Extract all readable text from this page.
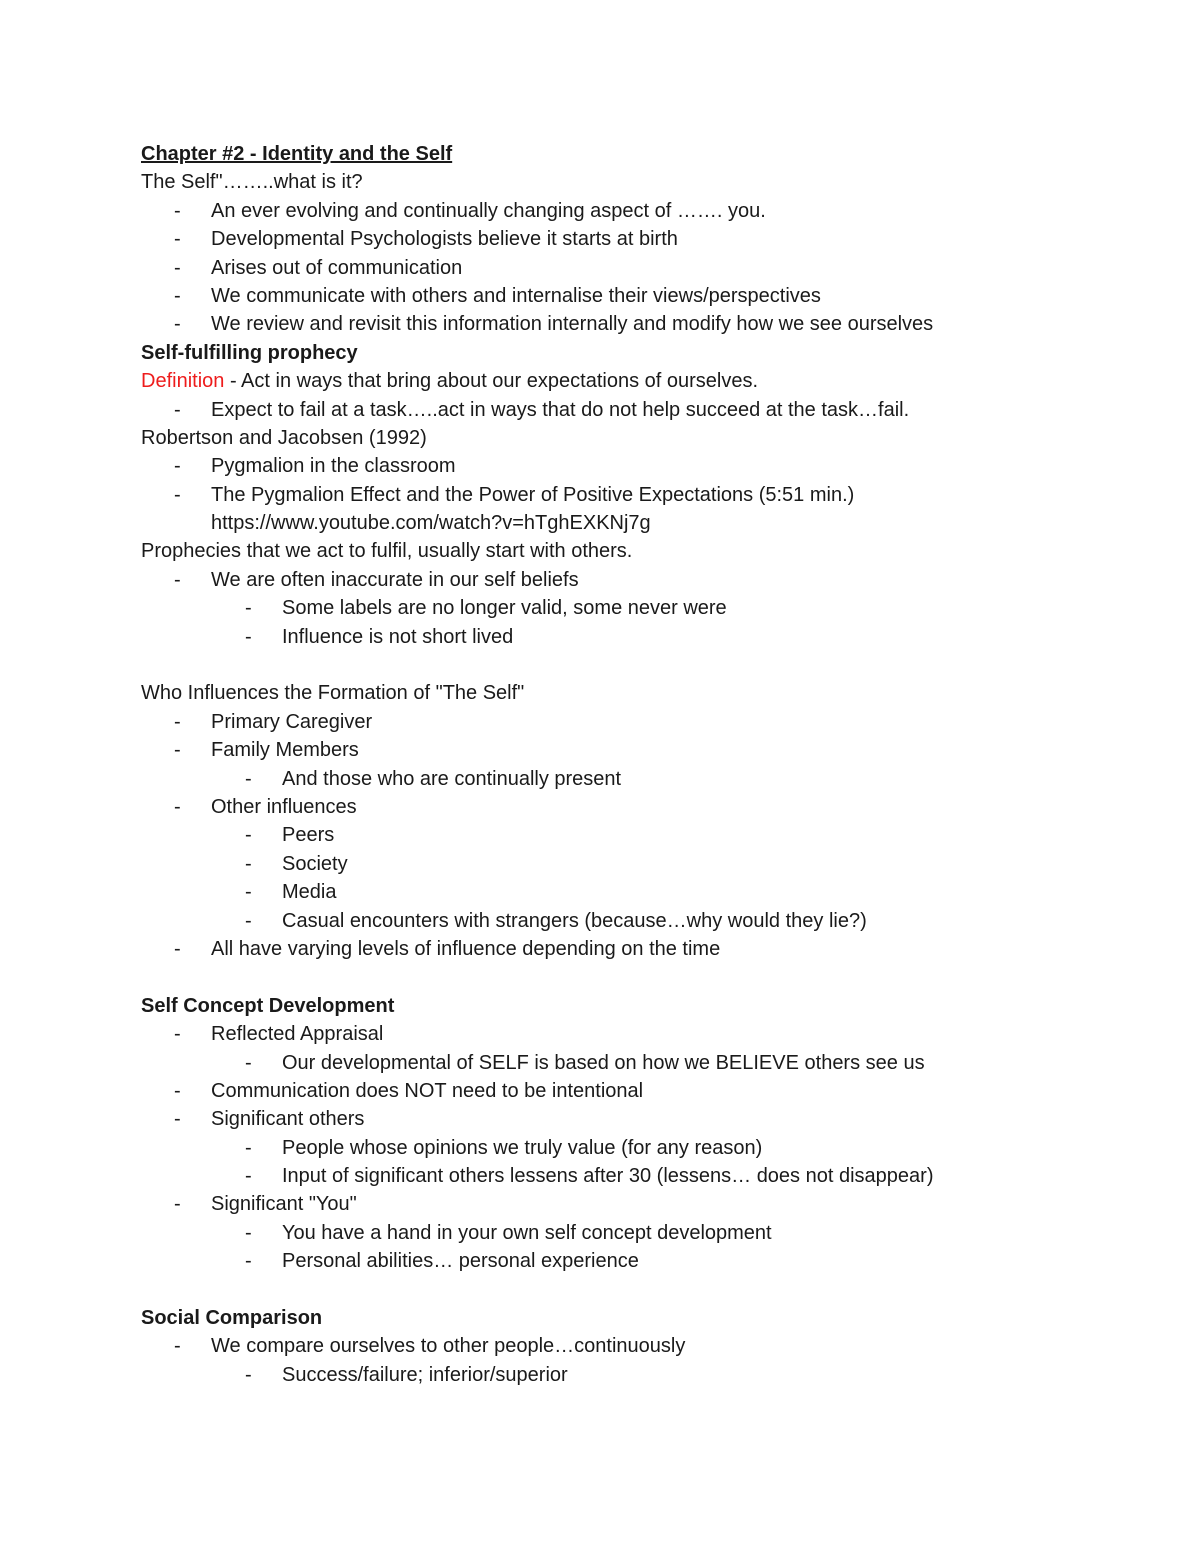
Chapter #2 - Identity and the Self
The Self"……..what is it?
-	An ever evolving and continually changing aspect of ……. you.
-	Developmental Psychologists believe it starts at birth
-	Arises out of communication
-	We communicate with others and internalise their views/perspectives
-	We review and revisit this information internally and modify how we see ourselves
Self-fulfilling prophecy
Definition - Act in ways that bring about our expectations of ourselves.
-	Expect to fail at a task…..act in ways that do not help succeed at the task…fail.
Robertson and Jacobsen (1992)
-	Pygmalion in the classroom
-	The Pygmalion Effect and the Power of Positive Expectations (5:51 min.)
https://www.youtube.com/watch?v=hTghEXKNj7g
Prophecies that we act to fulfil, usually start with others.
-	We are often inaccurate in our self beliefs
-	Some labels are no longer valid, some never were
-	Influence is not short lived
Who Influences the Formation of "The Self"
-	Primary Caregiver
-	Family Members
-	And those who are continually present
-	Other influences
-	Peers
-	Society
-	Media
-	Casual encounters with strangers (because…why would they lie?)
-	All have varying levels of influence depending on the time
Self Concept Development
-	Reflected Appraisal
-	Our developmental of SELF is based on how we BELIEVE others see us
-	Communication does NOT need to be intentional
-	Significant others
-	People whose opinions we truly value (for any reason)
-	Input of significant others lessens after 30 (lessens… does not disappear)
-	Significant "You"
-	You have a hand in your own self concept development
-	Personal abilities… personal experience
Social Comparison
-	We compare ourselves to other people…continuously
-	Success/failure; inferior/superior
